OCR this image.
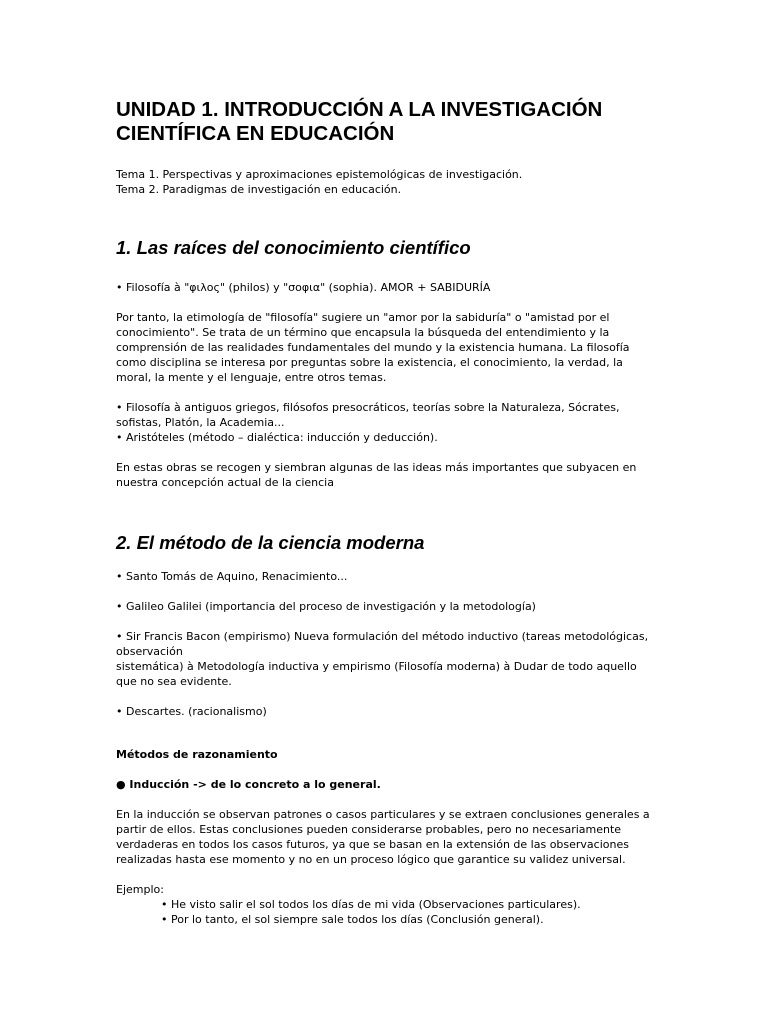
UNIDAD 1. INTRODUCCIÓN A LA INVESTIGACIÓN CIENTÍFICA EN EDUCACIÓN
Tema 1. Perspectivas y aproximaciones epistemológicas de investigación.
Tema 2. Paradigmas de investigación en educación.
1. Las raíces del conocimiento científico

• Filosofía à "φιλος" (philos) y "σοφια" (sophia). AMOR + SABIDURÍA

Por tanto, la etimología de "filosofía" sugiere un "amor por la sabiduría" o "amistad por el conocimiento". Se trata de un término que encapsula la búsqueda del entendimiento y la comprensión de las realidades fundamentales del mundo y la existencia humana. La filosofía como disciplina se interesa por preguntas sobre la existencia, el conocimiento, la verdad, la moral, la mente y el lenguaje, entre otros temas.

• Filosofía à antiguos griegos, filósofos presocráticos, teorías sobre la Naturaleza, Sócrates,
sofistas, Platón, la Academia...

• Aristóteles (método – dialéctica: inducción y deducción).

En estas obras se recogen y siembran algunas de las ideas más importantes que subyacen en nuestra concepción actual de la ciencia

2. El método de la ciencia moderna

• Santo Tomás de Aquino, Renacimiento...

• Galileo Galilei (importancia del proceso de investigación y la metodología)

• Sir Francis Bacon (empirismo) Nueva formulación del método inductivo (tareas metodológicas,
observación
sistemática) à Metodología inductiva y empirismo (Filosofía moderna) à Dudar de todo aquello
que no sea evidente.

• Descartes. (racionalismo)

Métodos de razonamiento

● Inducción -> de lo concreto a lo general.

En la inducción se observan patrones o casos particulares y se extraen conclusiones generales a partir de ellos. Estas conclusiones pueden considerarse probables, pero no necesariamente verdaderas en todos los casos futuros, ya que se basan en la extensión de las observaciones realizadas hasta ese momento y no en un proceso lógico que garantice su validez universal.

Ejemplo:

• He visto salir el sol todos los días de mi vida (Observaciones particulares).

• Por lo tanto, el sol siempre sale todos los días (Conclusión general).
